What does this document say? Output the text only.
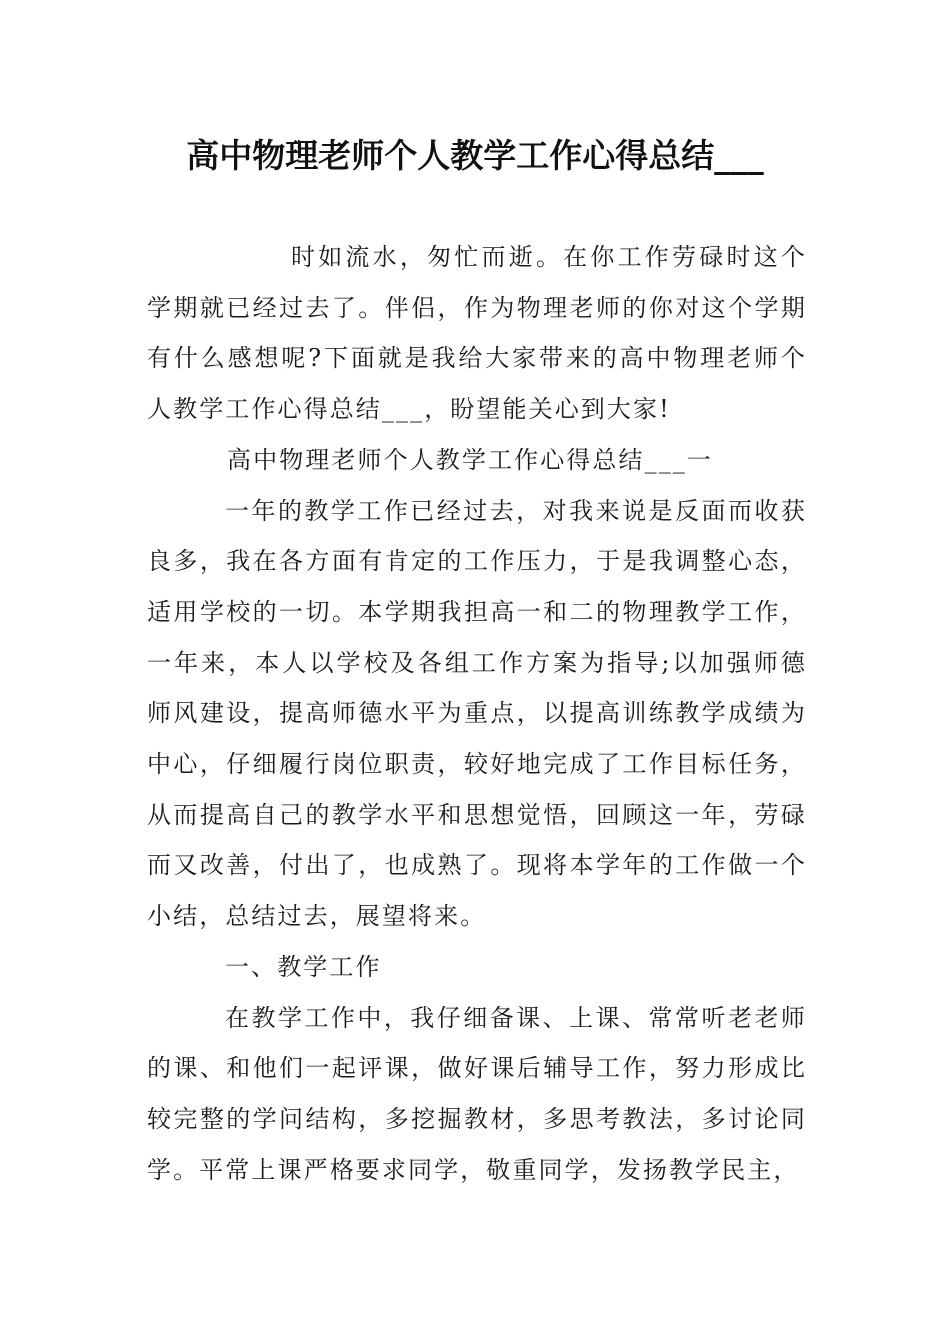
高中物理老师个人教学工作心得总结___

时如流水，匆忙而逝。在你工作劳碌时这个学期就已经过去了。伴侣，作为物理老师的你对这个学期有什么感想呢?下面就是我给大家带来的高中物理老师个人教学工作心得总结___，盼望能关心到大家!

高中物理老师个人教学工作心得总结___一

一年的教学工作已经过去，对我来说是反面而收获良多，我在各方面有肯定的工作压力，于是我调整心态，适用学校的一切。本学期我担高一和二的物理教学工作，一年来，本人以学校及各组工作方案为指导;以加强师德师风建设，提高师德水平为重点，以提高训练教学成绩为中心，仔细履行岗位职责，较好地完成了工作目标任务，从而提高自己的教学水平和思想觉悟，回顾这一年，劳碌而又改善，付出了，也成熟了。现将本学年的工作做一个小结，总结过去，展望将来。

一、教学工作

在教学工作中，我仔细备课、上课、常常听老老师的课、和他们一起评课，做好课后辅导工作，努力形成比较完整的学问结构，多挖掘教材，多思考教法，多讨论同学。平常上课严格要求同学，敬重同学，发扬教学民主，
